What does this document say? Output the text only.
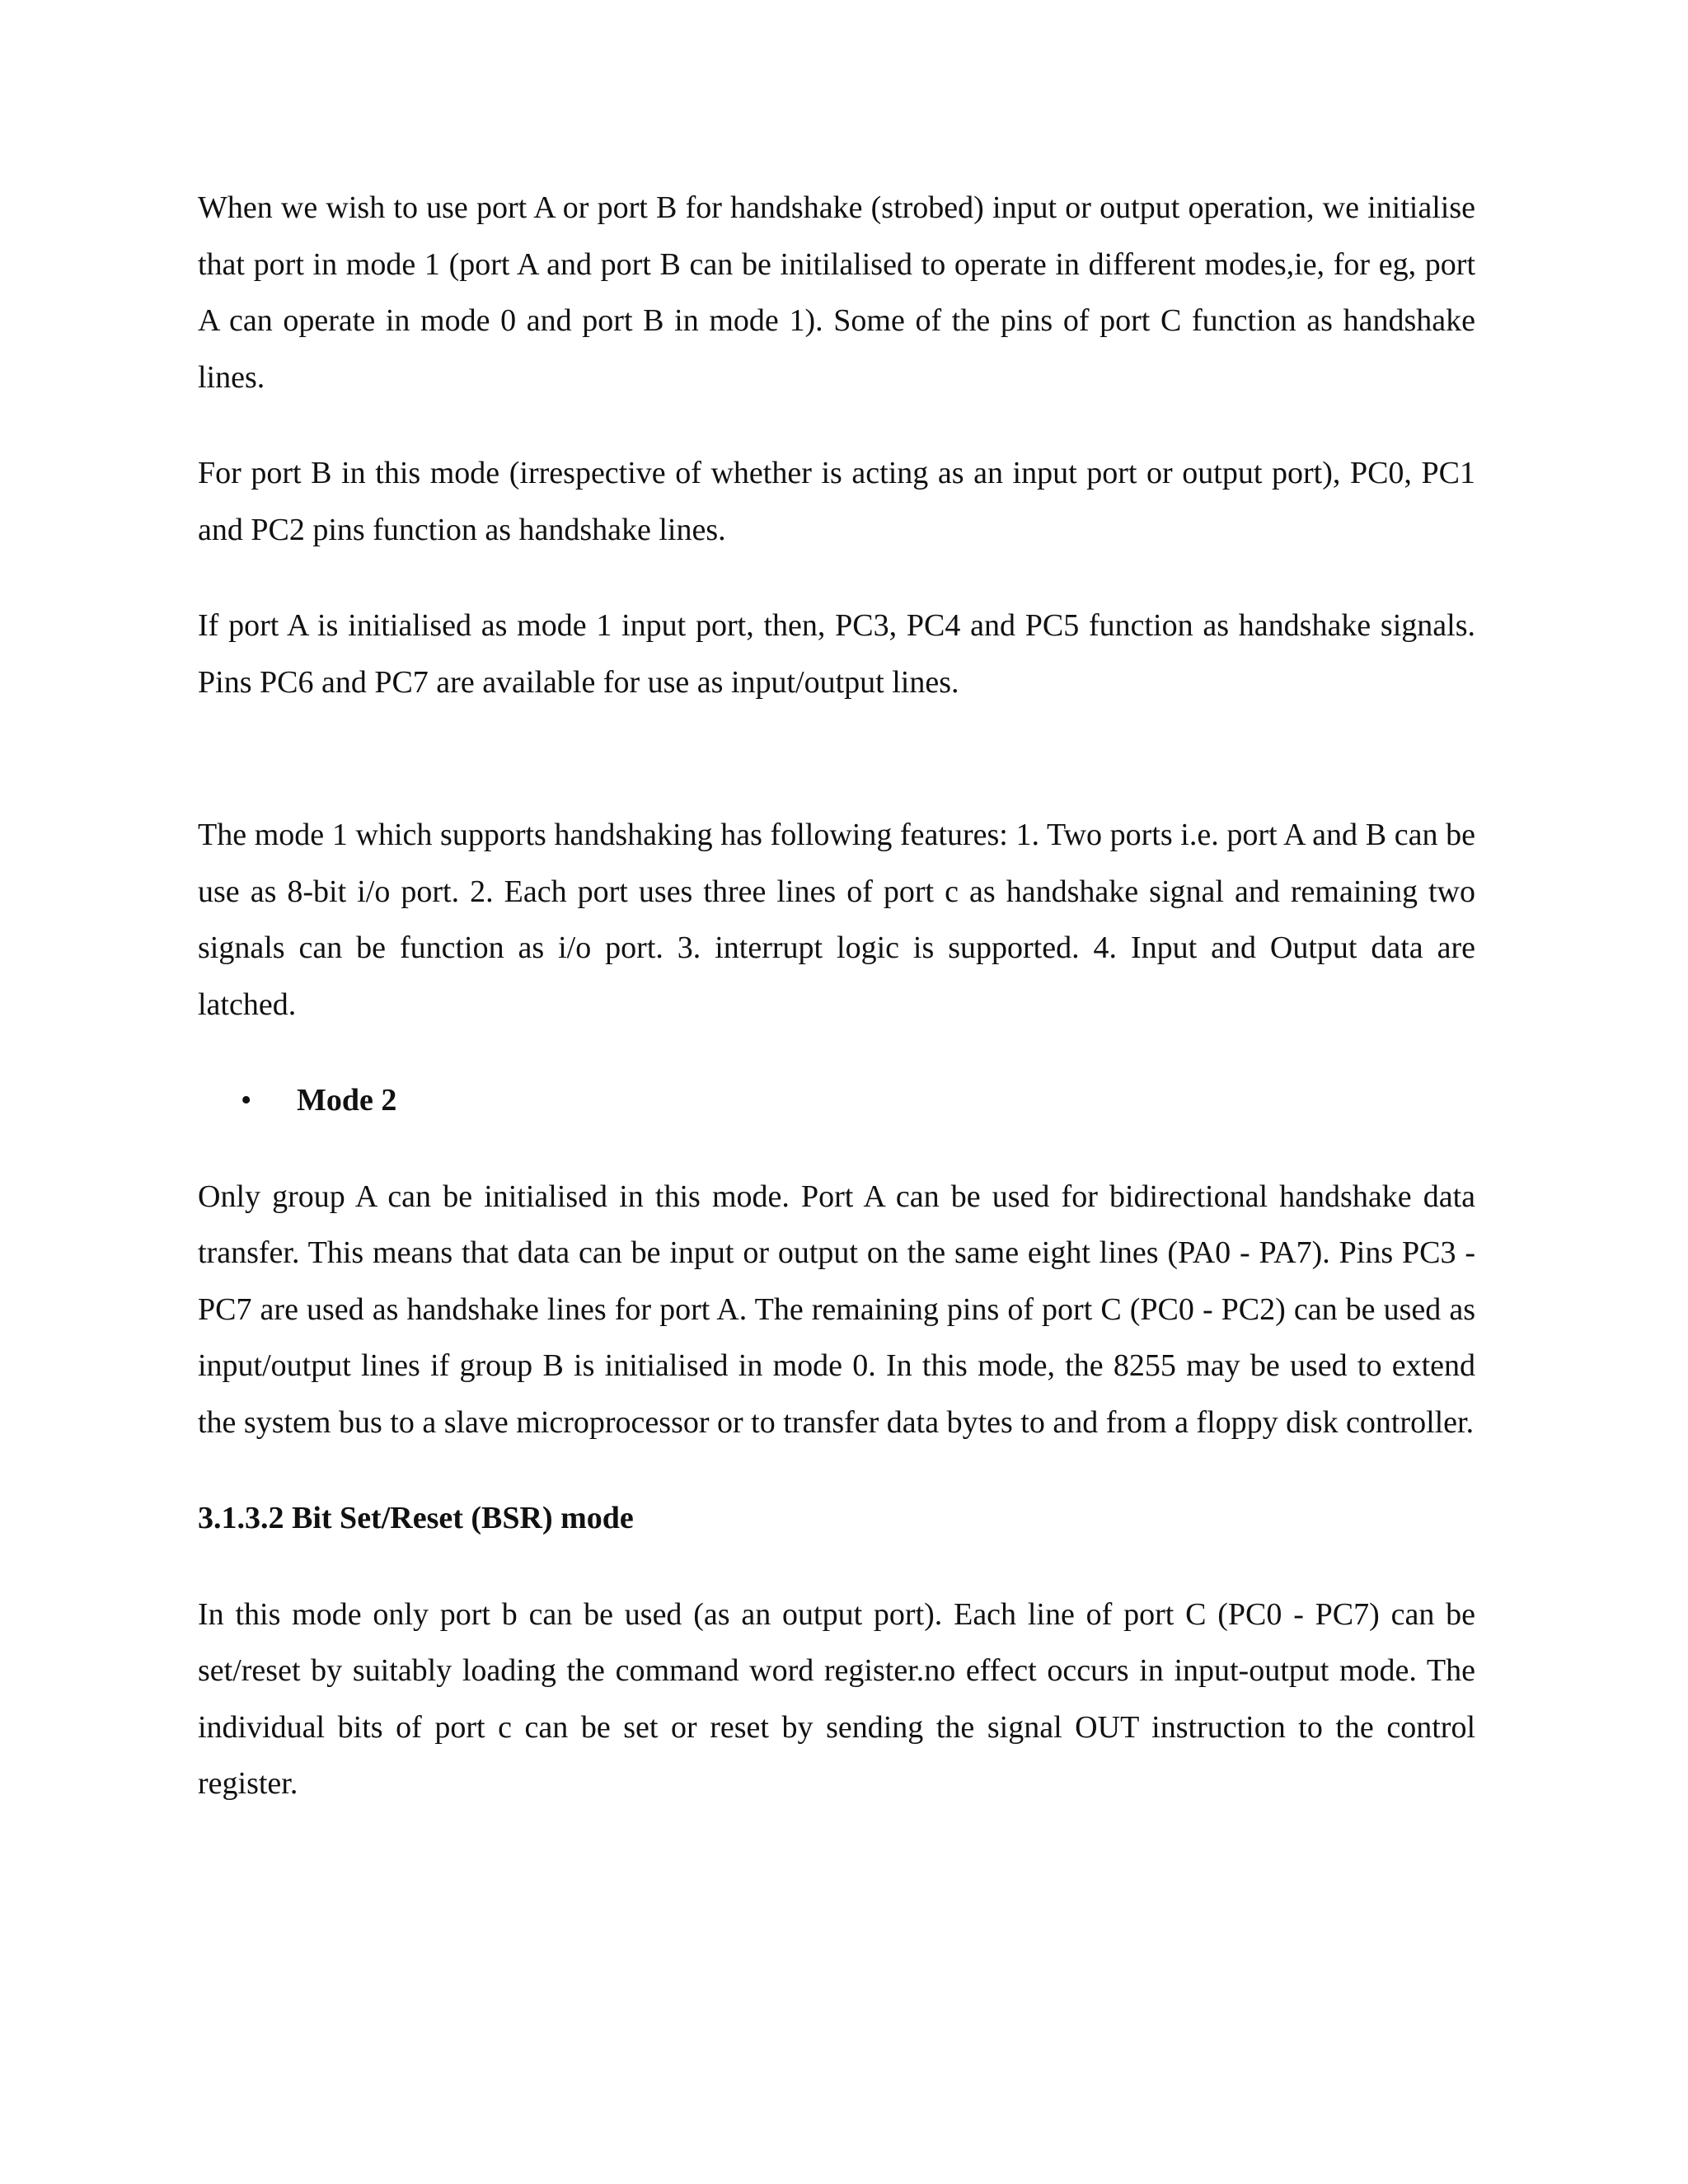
When we wish to use port A or port B for handshake (strobed) input or output operation, we initialise that port in mode 1 (port A and port B can be initilalised to operate in different modes,ie, for eg, port A can operate in mode 0 and port B in mode 1). Some of the pins of port C function as handshake lines.

For port B in this mode (irrespective of whether is acting as an input port or output port), PC0, PC1 and PC2 pins function as handshake lines.

If port A is initialised as mode 1 input port, then, PC3, PC4 and PC5 function as handshake signals. Pins PC6 and PC7 are available for use as input/output lines.

The mode 1 which supports handshaking has following features: 1. Two ports i.e. port A and B can be use as 8-bit i/o port. 2. Each port uses three lines of port c as handshake signal and remaining two signals can be function as i/o port. 3. interrupt logic is supported. 4. Input and Output data are latched.

•	Mode 2

Only group A can be initialised in this mode. Port A can be used for bidirectional handshake data transfer. This means that data can be input or output on the same eight lines (PA0 - PA7). Pins PC3 - PC7 are used as handshake lines for port A. The remaining pins of port C (PC0 - PC2) can be used as input/output lines if group B is initialised in mode 0. In this mode, the 8255 may be used to extend the system bus to a slave microprocessor or to transfer data bytes to and from a floppy disk controller.

3.1.3.2 Bit Set/Reset (BSR) mode

In this mode only port b can be used (as an output port). Each line of port C (PC0 - PC7) can be set/reset by suitably loading the command word register.no effect occurs in input-output mode. The individual bits of port c can be set or reset by sending the signal OUT instruction to the control register.
